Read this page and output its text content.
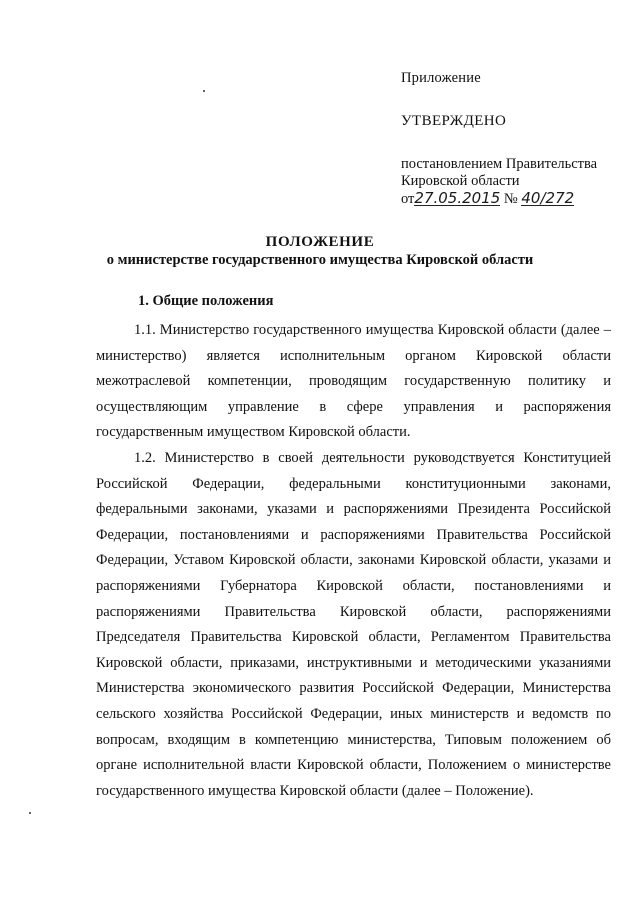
Приложение

УТВЕРЖДЕНО

постановлением Правительства

Кировской области

от27.05.2015 № 40/272

ПОЛОЖЕНИЕ
о министерстве государственного имущества Кировской области
1. Общие положения

1.1. Министерство государственного имущества Кировской области (далее – министерство) является исполнительным органом Кировской области межотраслевой компетенции, проводящим государственную политику и осуществляющим управление в сфере управления и распоряжения государственным имуществом Кировской области.

1.2. Министерство в своей деятельности руководствуется Конституцией Российской Федерации, федеральными конституционными законами, федеральными законами, указами и распоряжениями Президента Российской Федерации, постановлениями и распоряжениями Правительства Российской Федерации, Уставом Кировской области, законами Кировской области, указами и распоряжениями Губернатора Кировской области, постановлениями и распоряжениями Правительства Кировской области, распоряжениями Председателя Правительства Кировской области, Регламентом Правительства Кировской области, приказами, инструктивными и методическими указаниями Министерства экономического развития Российской Федерации, Министерства сельского хозяйства Российской Федерации, иных министерств и ведомств по вопросам, входящим в компетенцию министерства, Типовым положением об органе исполнительной власти Кировской области, Положением о министерстве государственного имущества Кировской области (далее – Положение).
